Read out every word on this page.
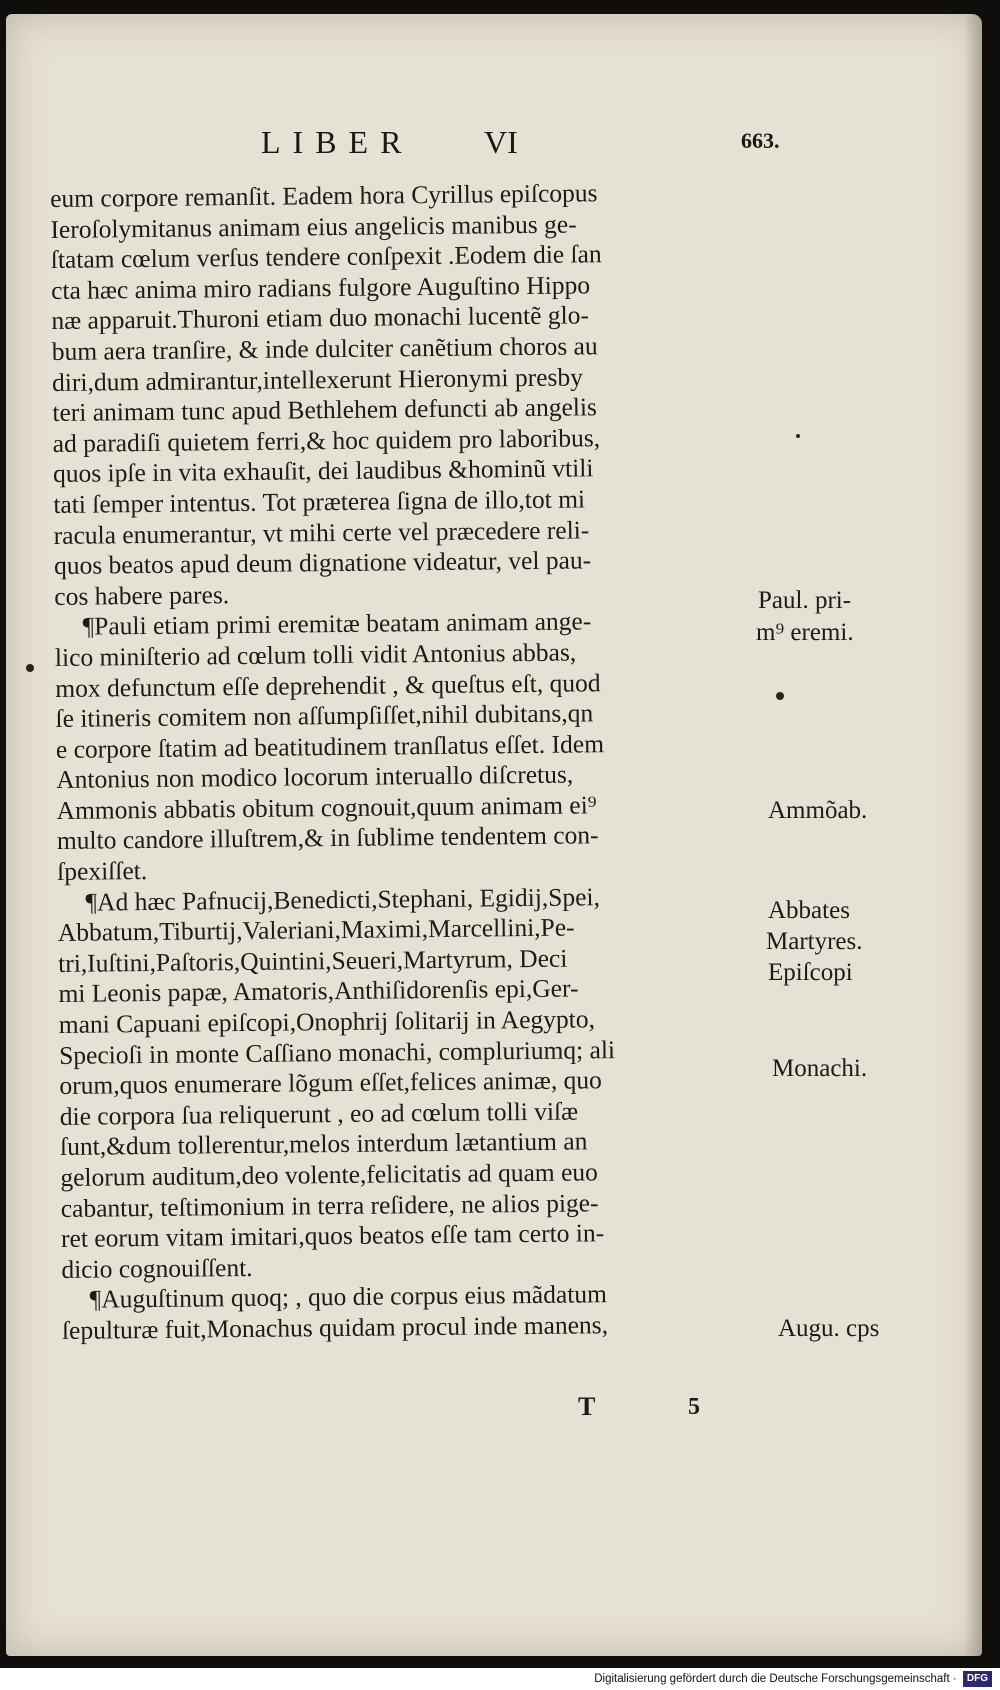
LIBER VI	663.
eum corpore remanſit. Eadem hora Cyrillus epiſcopus
Ieroſolymitanus animam eius angelicis manibus ge-
ſtatam cœlum verſus tendere conſpexit .Eodem die ſan
cta hæc anima miro radians fulgore Auguſtino Hippo
næ apparuit.Thuroni etiam duo monachi lucentẽ glo-
bum aera tranſire, & inde dulciter canẽtium choros au
diri,dum admirantur,intellexerunt Hieronymi presby
teri animam tunc apud Bethlehem defuncti ab angelis
ad paradiſi quietem ferri,& hoc quidem pro laboribus,
quos ipſe in vita exhauſit, dei laudibus &hominũ vtili
tati ſemper intentus. Tot præterea ſigna de illo,tot mi
racula enumerantur, vt mihi certe vel præcedere reli-
quos beatos apud deum dignatione videatur, vel pau-
cos habere pares.
¶Pauli etiam primi eremitæ beatam animam ange-
lico miniſterio ad cœlum tolli vidit Antonius abbas,
mox defunctum eſſe deprehendit , & queſtus eſt, quod
ſe itineris comitem non aſſumpſiſſet,nihil dubitans,qn
e corpore ſtatim ad beatitudinem tranſlatus eſſet. Idem
Antonius non modico locorum interuallo diſcretus,
Ammonis abbatis obitum cognouit,quum animam ei⁹
multo candore illuſtrem,& in ſublime tendentem con-
ſpexiſſet.
¶Ad hæc Pafnucij,Benedicti,Stephani, Egidij,Spei,
Abbatum,Tiburtij,Valeriani,Maximi,Marcellini,Pe-
tri,Iuſtini,Paſtoris,Quintini,Seueri,Martyrum, Deci
mi Leonis papæ, Amatoris,Anthiſidorenſis epi,Ger-
mani Capuani epiſcopi,Onophrij ſolitarij in Aegypto,
Specioſi in monte Caſſiano monachi, compluriumq; ali
orum,quos enumerare lõgum eſſet,felices animæ, quo
die corpora ſua reliquerunt , eo ad cœlum tolli viſæ
ſunt,&dum tollerentur,melos interdum lætantium an
gelorum auditum,deo volente,felicitatis ad quam euo
cabantur, teſtimonium in terra reſidere, ne alios pige-
ret eorum vitam imitari,quos beatos eſſe tam certo in-
dicio cognouiſſent.
¶Auguſtinum quoq; , quo die corpus eius mãdatum
ſepulturæ fuit,Monachus quidam procul inde manens,
Paul. pri-
m⁹ eremi.
Ammõab.
Abbates
Martyres.
Epiſcopi
Monachi.
Augu. cps
T	5
Digitalisierung gefördert durch die Deutsche Forschungsgemeinschaft · DFG
